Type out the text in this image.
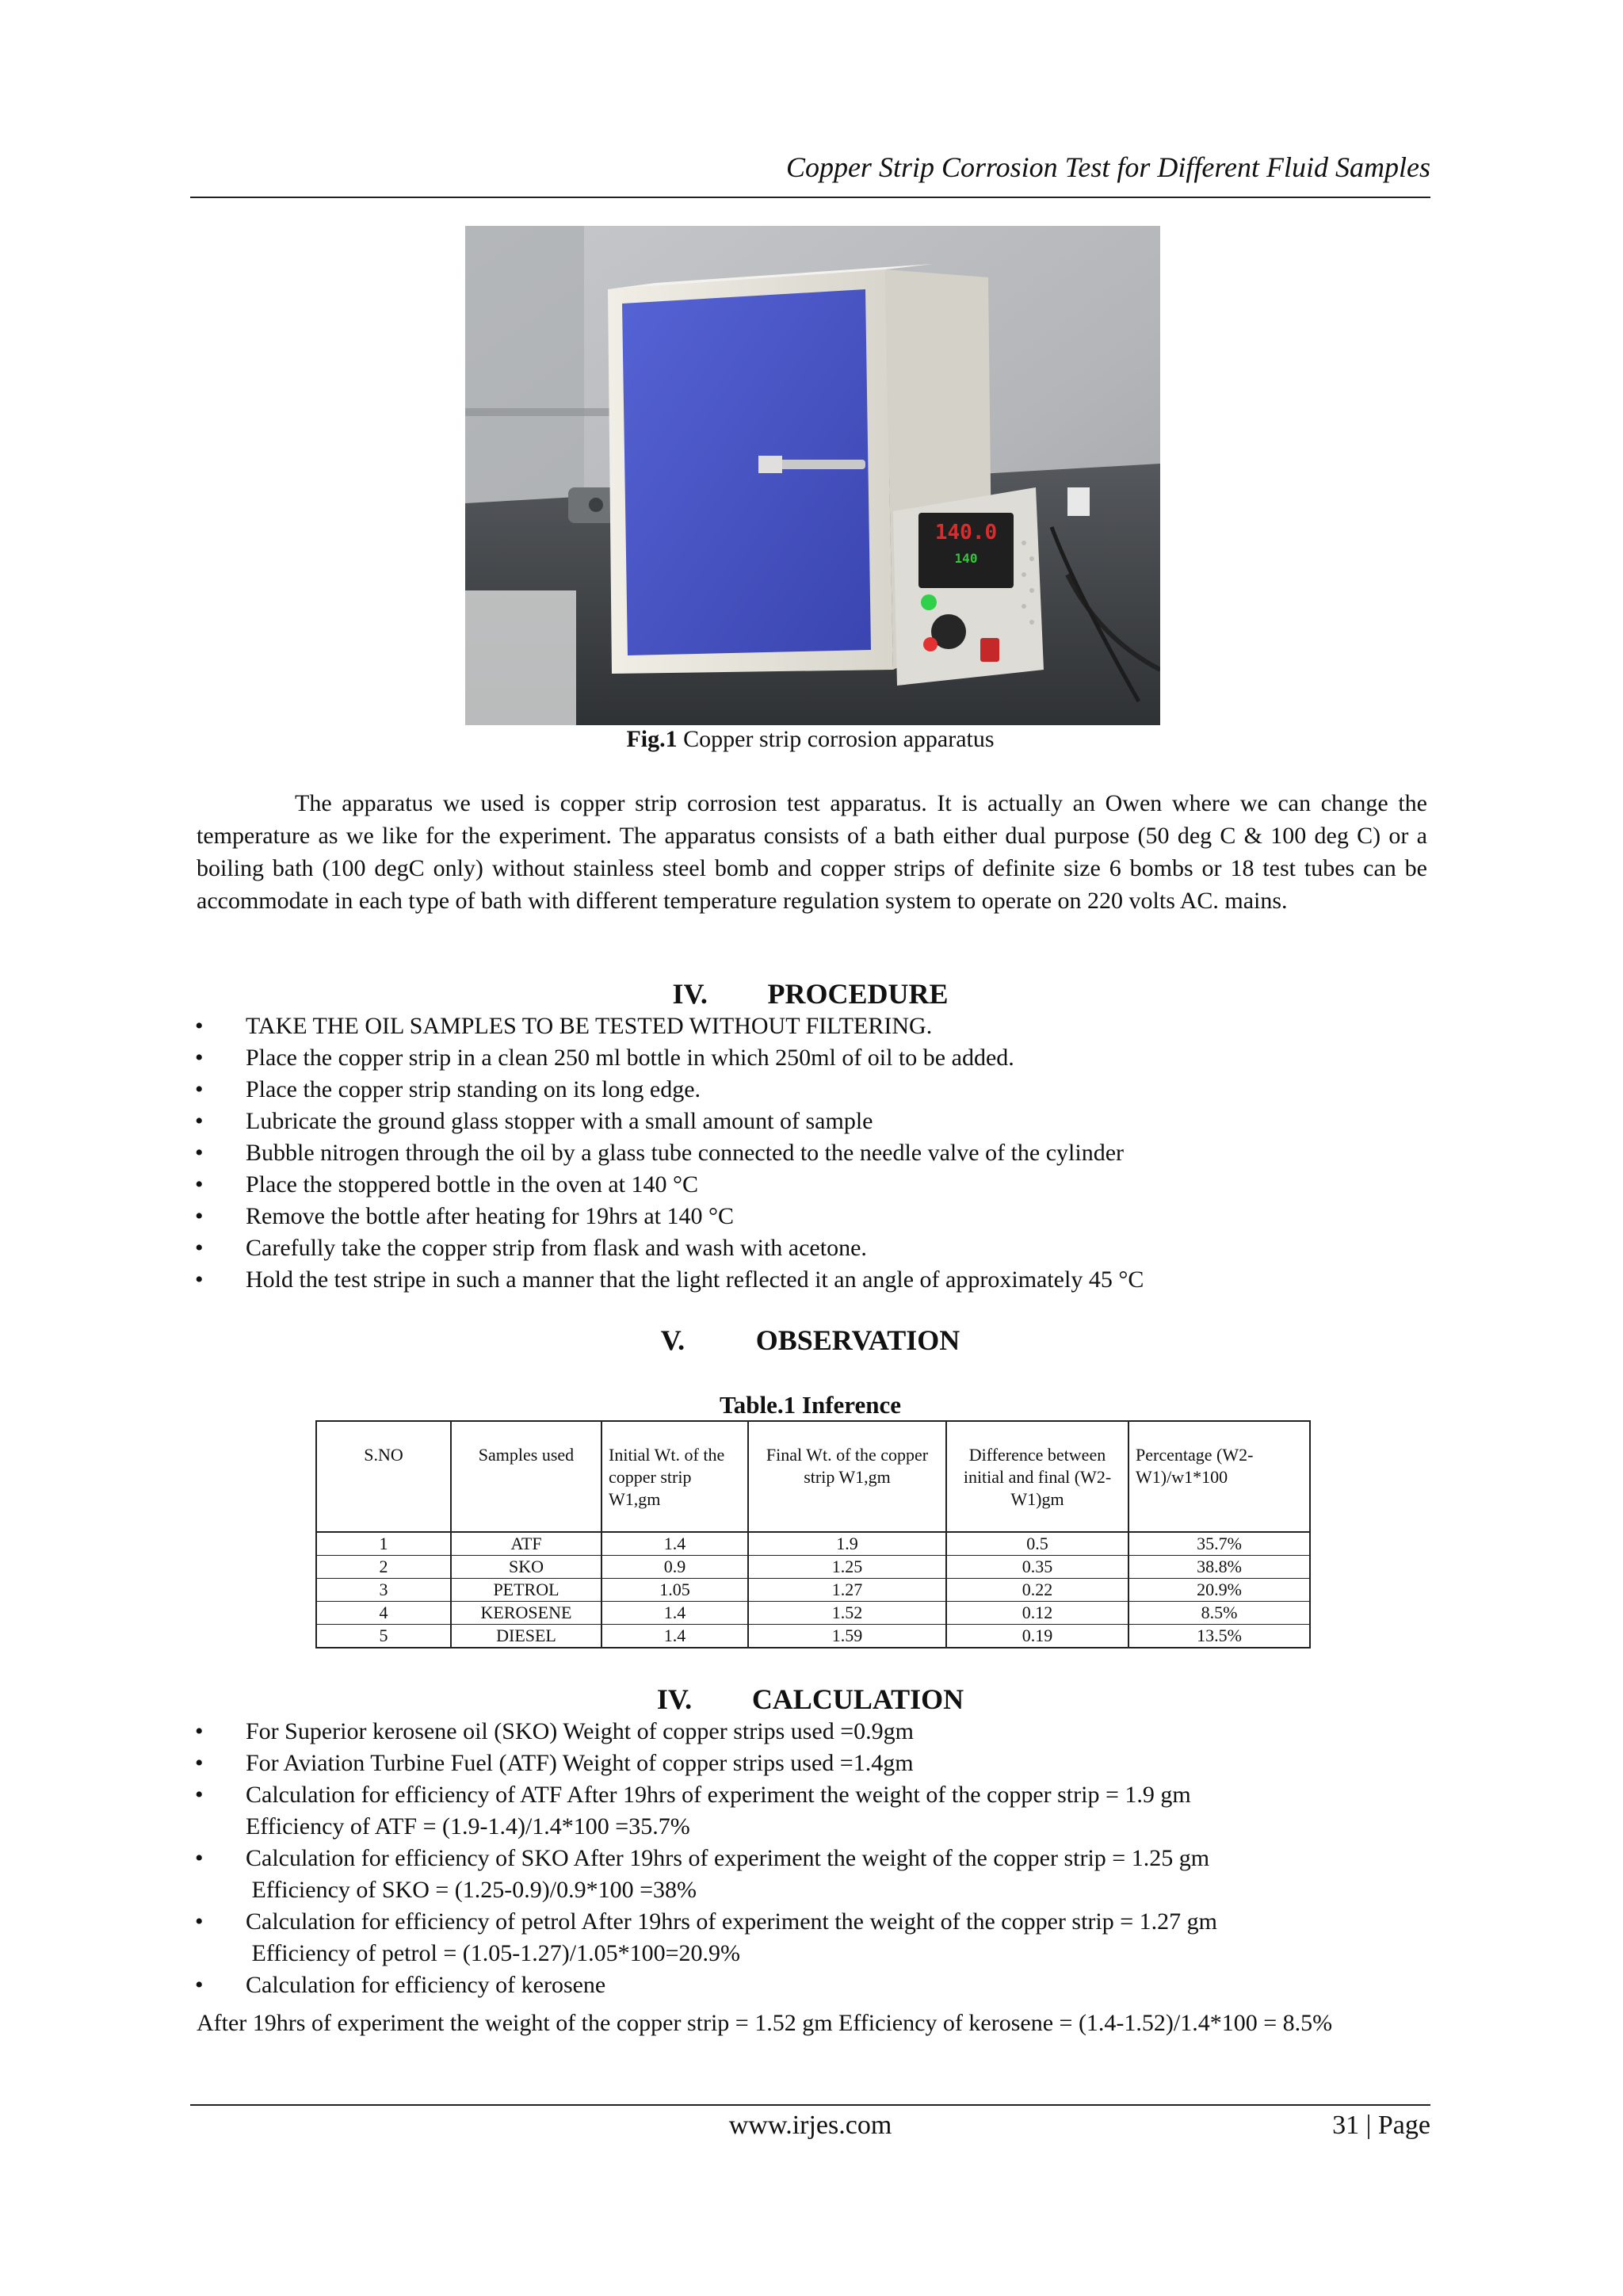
Copper Strip Corrosion Test for Different Fluid Samples
140.0
140
Fig.1 Copper strip corrosion apparatus

The apparatus we used is copper strip corrosion test apparatus. It is actually an Owen where we can change the temperature as we like for the experiment. The apparatus consists of a bath either dual purpose (50 deg C & 100 deg C) or a boiling bath (100 degC only) without stainless steel bomb and copper strips of definite size 6 bombs or 18 test tubes can be accommodate in each type of bath with different temperature regulation system to operate on 220 volts AC. mains.

IV. PROCEDURE
• TAKE THE OIL SAMPLES TO BE TESTED WITHOUT FILTERING.
• Place the copper strip in a clean 250 ml bottle in which 250ml of oil to be added.
• Place the copper strip standing on its long edge.
• Lubricate the ground glass stopper with a small amount of sample
• Bubble nitrogen through the oil by a glass tube connected to the needle valve of the cylinder
• Place the stoppered bottle in the oven at 140 °C
• Remove the bottle after heating for 19hrs at 140 °C
• Carefully take the copper strip from flask and wash with acetone.
• Hold the test stripe in such a manner that the light reflected it an angle of approximately 45 °C
V. OBSERVATION
Table.1 Inference
S.NO	Samples used	Initial Wt. of the copper strip W1,gm	Final Wt. of the copper strip W1,gm	Difference between initial and final (W2-W1)gm	Percentage (W2-W1)/w1*100
1	ATF	1.4	1.9	0.5	35.7%
2	SKO	0.9	1.25	0.35	38.8%
3	PETROL	1.05	1.27	0.22	20.9%
4	KEROSENE	1.4	1.52	0.12	8.5%
5	DIESEL	1.4	1.59	0.19	13.5%
IV. CALCULATION
• For Superior kerosene oil (SKO) Weight of copper strips used =0.9gm
• For Aviation Turbine Fuel (ATF) Weight of copper strips used =1.4gm
• Calculation for efficiency of ATF After 19hrs of experiment the weight of the copper strip = 1.9 gm
Efficiency of ATF = (1.9-1.4)/1.4*100 =35.7%
• Calculation for efficiency of SKO After 19hrs of experiment the weight of the copper strip = 1.25 gm
Efficiency of SKO = (1.25-0.9)/0.9*100 =38%
• Calculation for efficiency of petrol After 19hrs of experiment the weight of the copper strip = 1.27 gm
Efficiency of petrol = (1.05-1.27)/1.05*100=20.9%
• Calculation for efficiency of kerosene

After 19hrs of experiment the weight of the copper strip = 1.52 gm Efficiency of kerosene = (1.4-1.52)/1.4*100 = 8.5%

www.irjes.com	31 | Page
